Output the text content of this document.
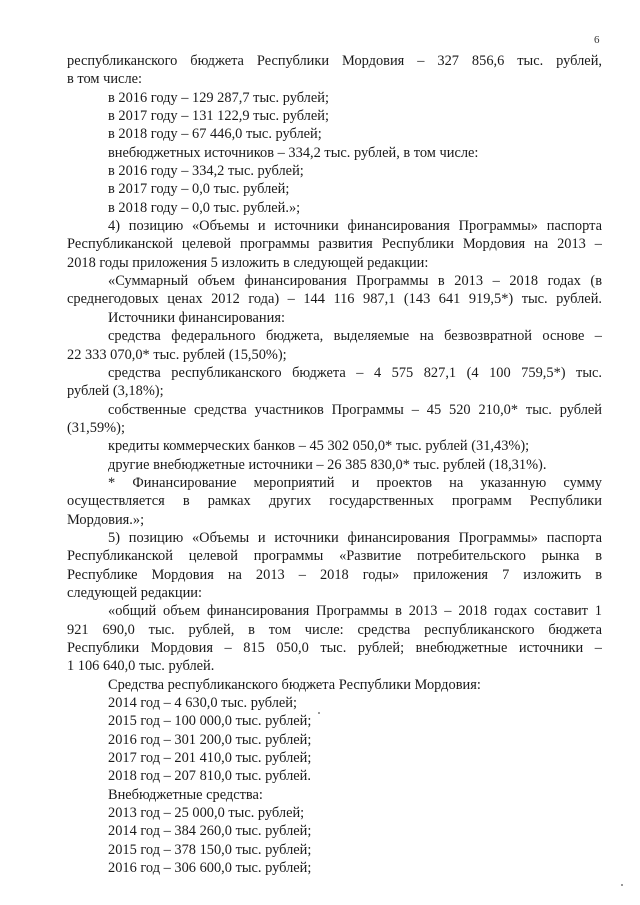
6
республиканского бюджета Республики Мордовия – 327 856,6 тыс. рублей,
в том числе:
в 2016 году – 129 287,7 тыс. рублей;
в 2017 году – 131 122,9 тыс. рублей;
в 2018 году – 67 446,0 тыс. рублей;
внебюджетных источников – 334,2 тыс. рублей, в том числе:
в 2016 году – 334,2 тыс. рублей;
в 2017 году – 0,0 тыс. рублей;
в 2018 году – 0,0 тыс. рублей.»;
4) позицию «Объемы и источники финансирования Программы» паспорта
Республиканской целевой программы развития Республики Мордовия на 2013 –
2018 годы приложения 5 изложить в следующей редакции:
«Суммарный объем финансирования Программы в 2013 – 2018 годах (в
среднегодовых ценах 2012 года) – 144 116 987,1 (143 641 919,5*) тыс. рублей.
Источники финансирования:
средства федерального бюджета, выделяемые на безвозвратной основе –
22 333 070,0* тыс. рублей (15,50%);
средства республиканского бюджета – 4 575 827,1 (4 100 759,5*) тыс.
рублей (3,18%);
собственные средства участников Программы – 45 520 210,0* тыс. рублей
(31,59%);
кредиты коммерческих банков – 45 302 050,0* тыс. рублей (31,43%);
другие внебюджетные источники – 26 385 830,0* тыс. рублей (18,31%).
* Финансирование мероприятий и проектов на указанную сумму
осуществляется в рамках других государственных программ Республики
Мордовия.»;
5) позицию «Объемы и источники финансирования Программы» паспорта
Республиканской целевой программы «Развитие потребительского рынка в
Республике Мордовия на 2013 – 2018 годы» приложения 7 изложить в
следующей редакции:
«общий объем финансирования Программы в 2013 – 2018 годах составит 1
921 690,0 тыс. рублей, в том числе: средства республиканского бюджета
Республики Мордовия – 815 050,0 тыс. рублей; внебюджетные источники –
1 106 640,0 тыс. рублей.
Средства республиканского бюджета Республики Мордовия:
2014 год – 4 630,0 тыс. рублей;
2015 год – 100 000,0 тыс. рублей;
2016 год – 301 200,0 тыс. рублей;
2017 год – 201 410,0 тыс. рублей;
2018 год – 207 810,0 тыс. рублей.
Внебюджетные средства:
2013 год – 25 000,0 тыс. рублей;
2014 год – 384 260,0 тыс. рублей;
2015 год – 378 150,0 тыс. рублей;
2016 год – 306 600,0 тыс. рублей;
